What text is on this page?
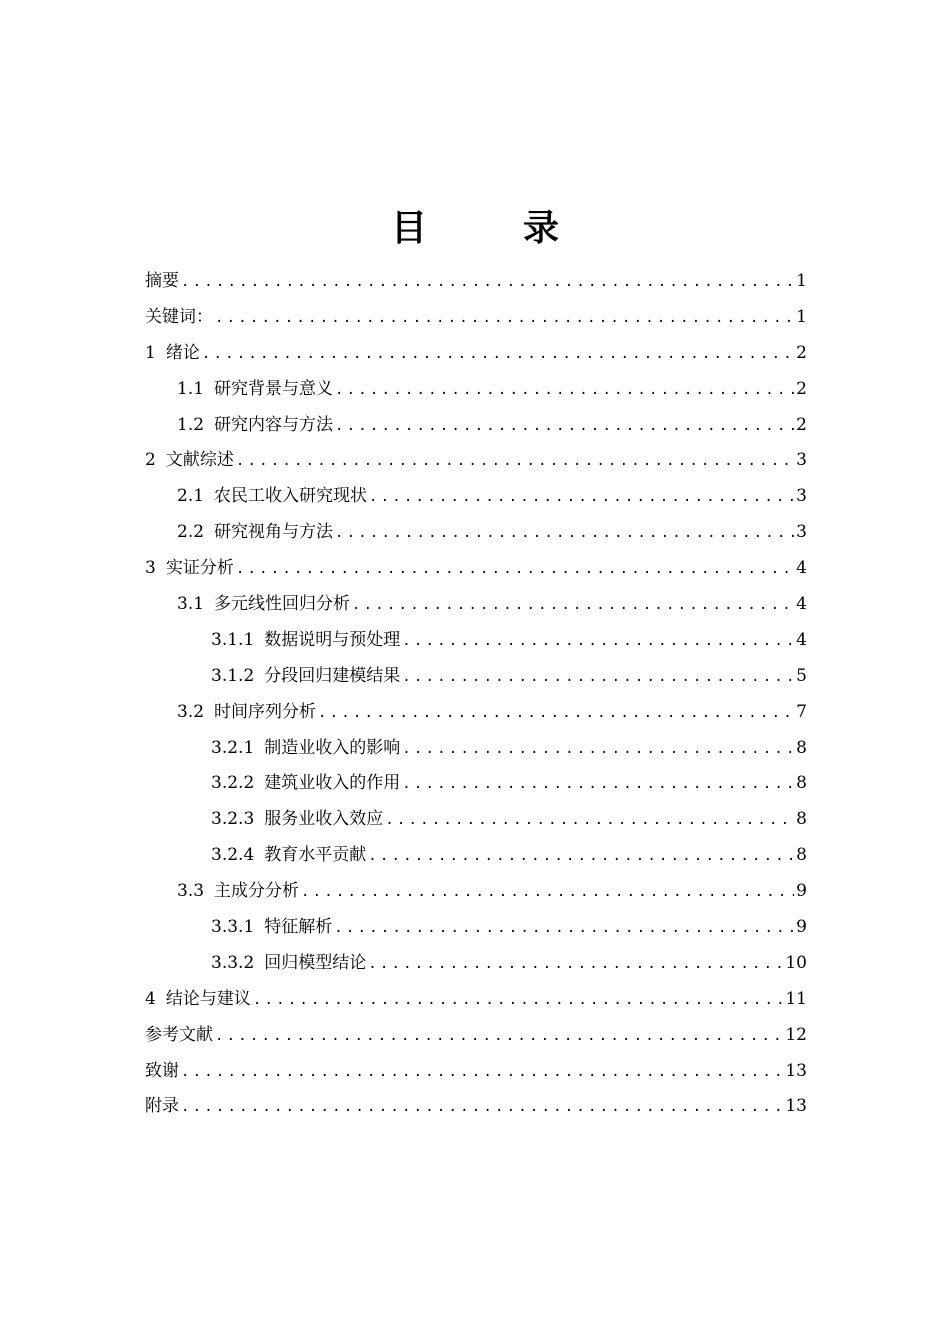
目　录
摘要 .....	1
关键词： .....	1
1 绪论 .....	2
1.1 研究背景与意义 .....	2
1.2 研究内容与方法 .....	2
2 文献综述 .....	3
2.1 农民工收入研究现状 .....	3
2.2 研究视角与方法 .....	3
3 实证分析 .....	4
3.1 多元线性回归分析 .....	4
3.1.1 数据说明与预处理 .....	4
3.1.2 分段回归建模结果 .....	5
3.2 时间序列分析 .....	7
3.2.1 制造业收入的影响 .....	8
3.2.2 建筑业收入的作用 .....	8
3.2.3 服务业收入效应 .....	8
3.2.4 教育水平贡献 .....	8
3.3 主成分分析 .....	9
3.3.1 特征解析 .....	9
3.3.2 回归模型结论 .....	10
4 结论与建议 .....	11
参考文献 .....	12
致谢 .....	13
附录 .....	13
